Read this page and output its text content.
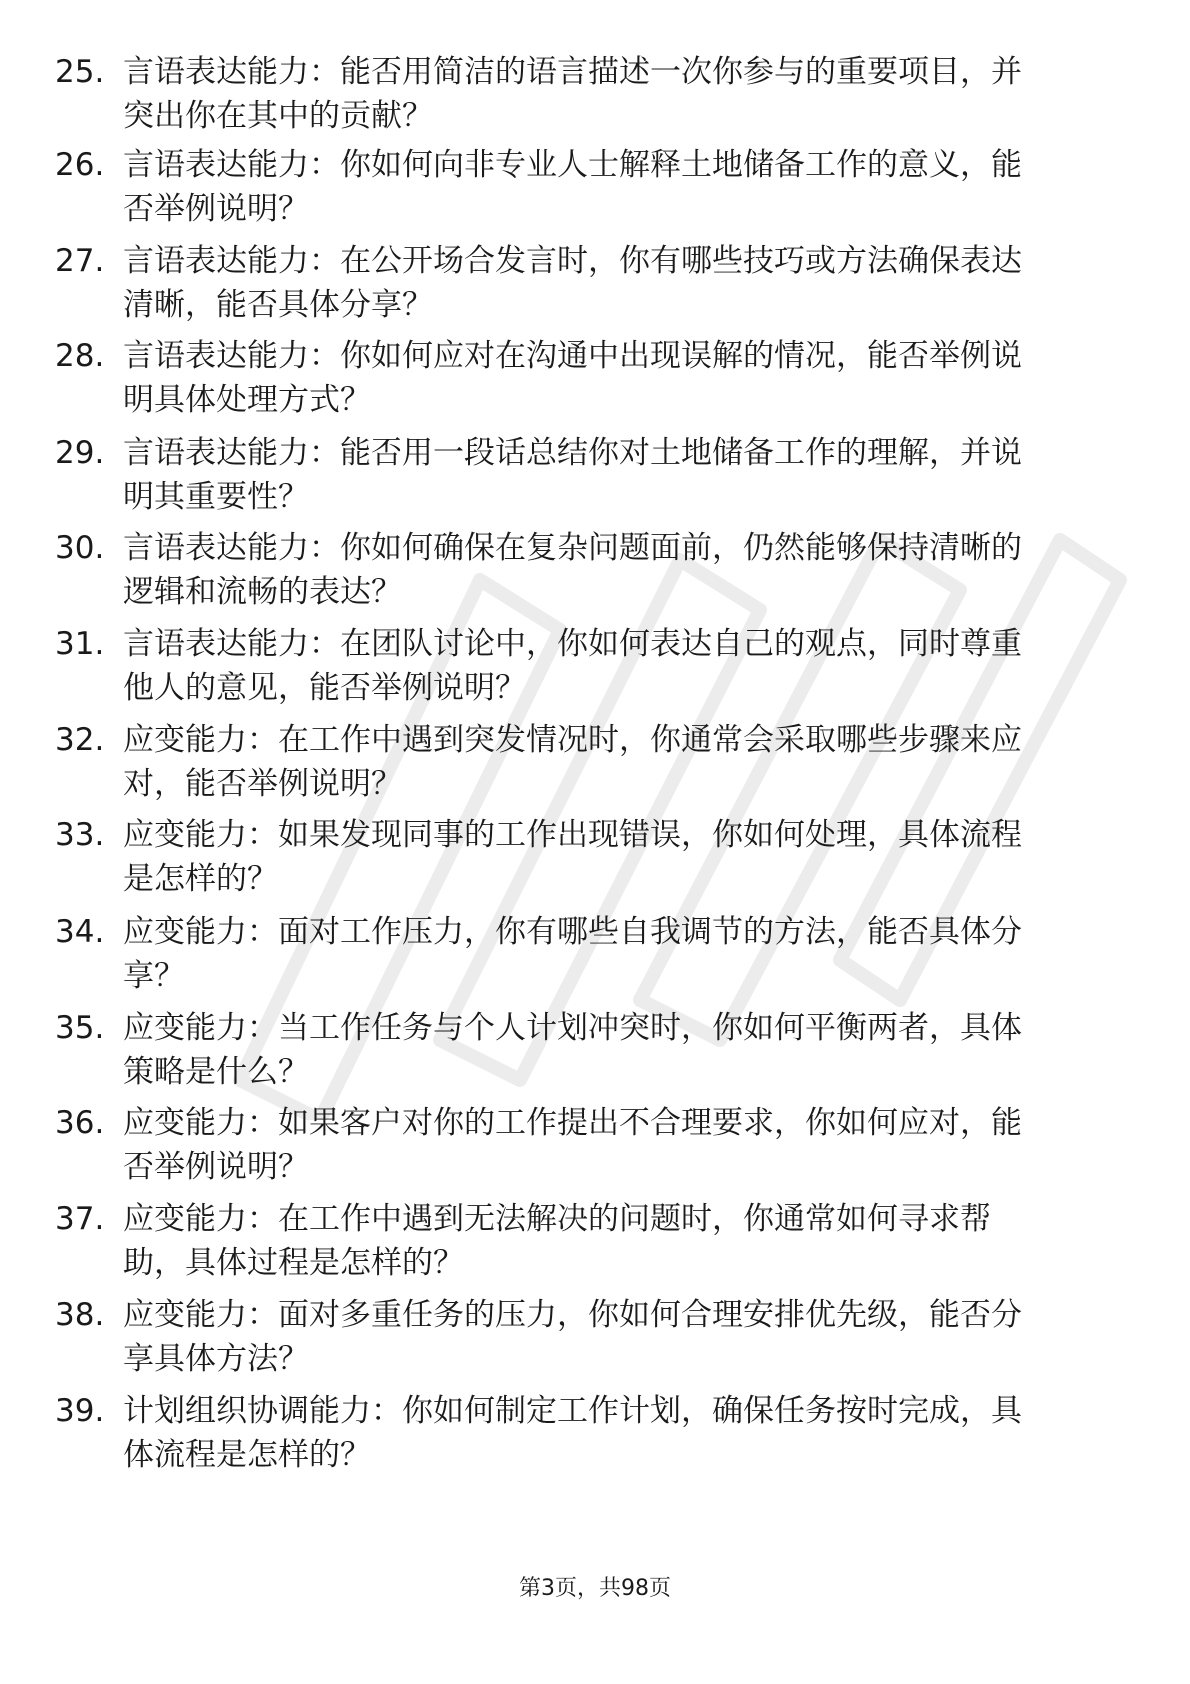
25. 言语表达能力：能否用简洁的语言描述一次你参与的重要项目，并突出你在其中的贡献？
26. 言语表达能力：你如何向非专业人士解释土地储备工作的意义，能否举例说明？
27. 言语表达能力：在公开场合发言时，你有哪些技巧或方法确保表达清晰，能否具体分享？
28. 言语表达能力：你如何应对在沟通中出现误解的情况，能否举例说明具体处理方式？
29. 言语表达能力：能否用一段话总结你对土地储备工作的理解，并说明其重要性？
30. 言语表达能力：你如何确保在复杂问题面前，仍然能够保持清晰的逻辑和流畅的表达？
31. 言语表达能力：在团队讨论中，你如何表达自己的观点，同时尊重他人的意见，能否举例说明？
32. 应变能力：在工作中遇到突发情况时，你通常会采取哪些步骤来应对，能否举例说明？
33. 应变能力：如果发现同事的工作出现错误，你如何处理，具体流程是怎样的？
34. 应变能力：面对工作压力，你有哪些自我调节的方法，能否具体分享？
35. 应变能力：当工作任务与个人计划冲突时，你如何平衡两者，具体策略是什么？
36. 应变能力：如果客户对你的工作提出不合理要求，你如何应对，能否举例说明？
37. 应变能力：在工作中遇到无法解决的问题时，你通常如何寻求帮助，具体过程是怎样的？
38. 应变能力：面对多重任务的压力，你如何合理安排优先级，能否分享具体方法？
39. 计划组织协调能力：你如何制定工作计划，确保任务按时完成，具体流程是怎样的？
第3页，共98页
